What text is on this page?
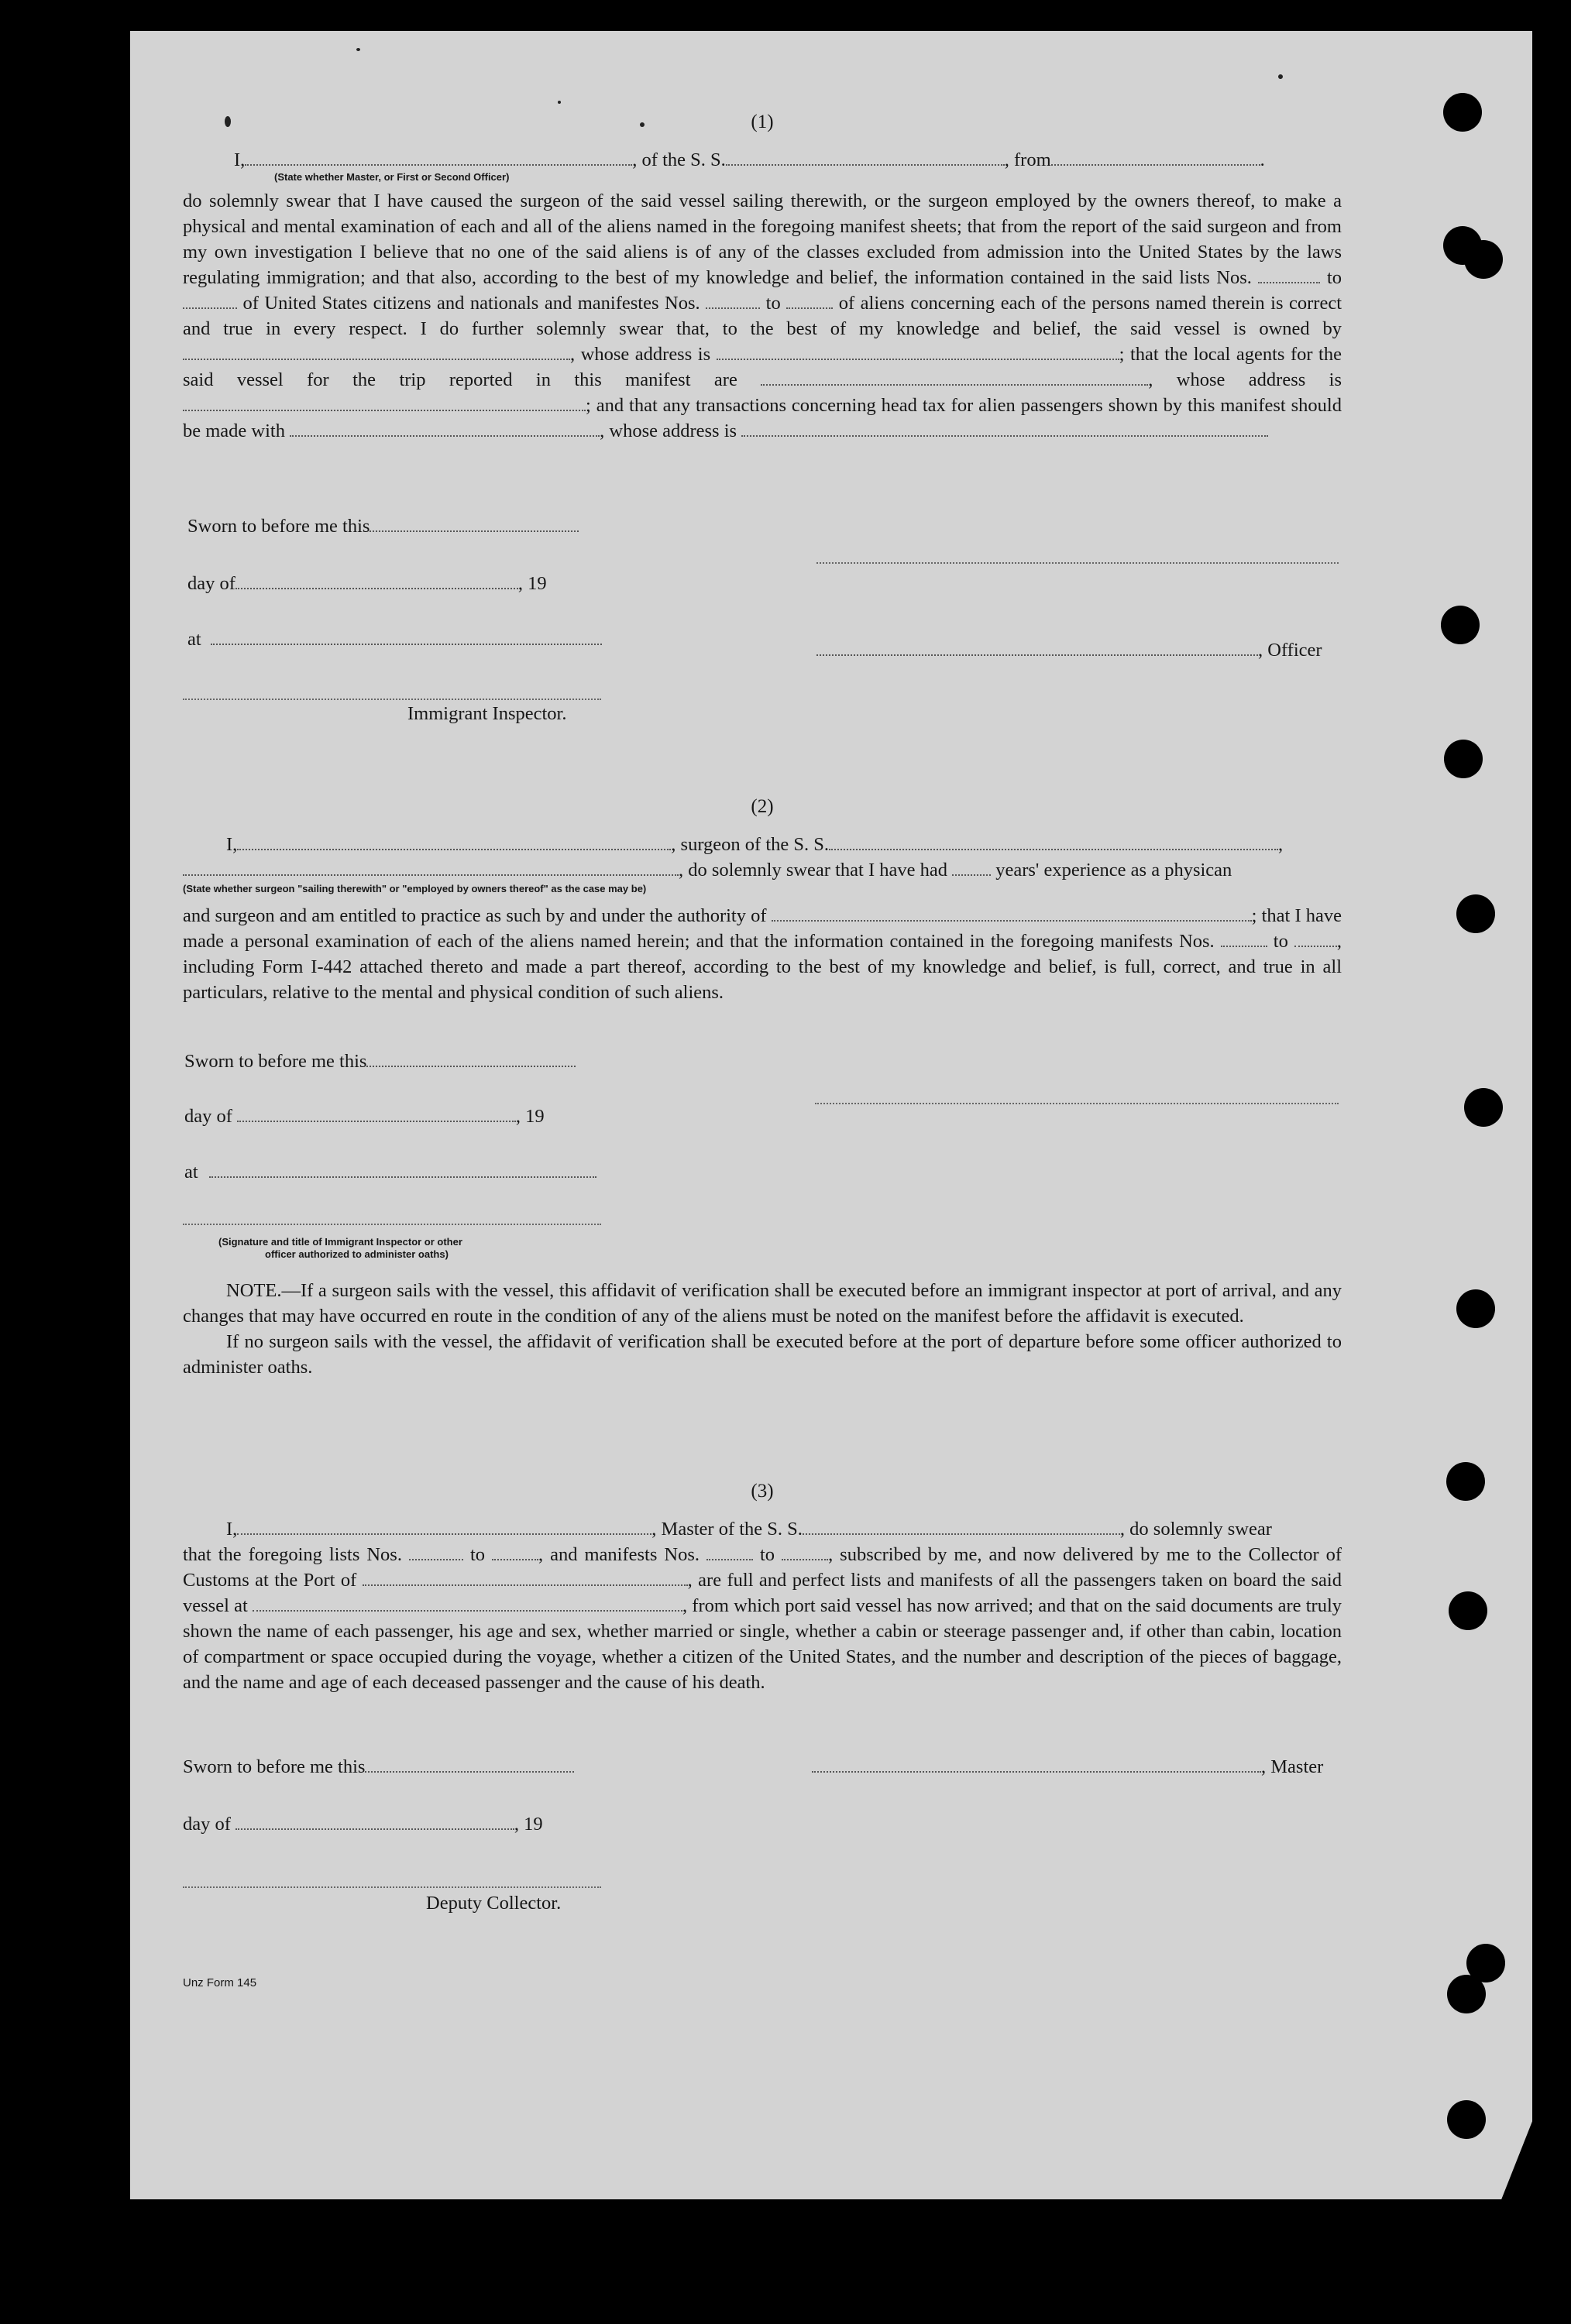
(1)

I,	, of the S. S.	, from	.

(State whether Master, or First or Second Officer)

do solemnly swear that I have caused the surgeon of the said vessel sailing therewith, or the surgeon employed by the owners thereof, to make a physical and mental examination of each and all of the aliens named in the foregoing manifest sheets; that from the report of the said surgeon and from my own investigation I believe that no one of the said aliens is of any of the classes excluded from admission into the United States by the laws regulating immigration; and that also, according to the best of my knowledge and belief, the information contained in the said lists Nos.	to  of United States citizens and nationals and manifestes Nos.	to	of aliens concerning each of the persons named therein is correct and true in every respect. I do further solemnly swear that, to the best of my knowledge and belief, the said vessel is owned by , whose address is	; that the local agents for the said vessel for the trip reported in this manifest are	, whose address is ; and that any transactions concerning head tax for alien passengers shown by this manifest should be made with	, whose address is

Sworn to before me this
day of	, 19
at
, Officer
Immigrant Inspector.
(2)

I,	, surgeon of the S. S.	,

, do solemnly swear that I have had	years' experience as a physican

(State whether surgeon "sailing therewith" or "employed by owners thereof" as the case may be)

and surgeon and am entitled to practice as such by and under the authority of	; that I have made a personal examination of each of the aliens named herein; and that the information contained in the foregoing manifests Nos.	to	, including Form I-442 attached thereto and made a part thereof, according to the best of my knowledge and belief, is full, correct, and true in all particulars, relative to the mental and physical condition of such aliens.

Sworn to before me this
day of	, 19
at

(Signature and title of Immigrant Inspector or other
officer authorized to administer oaths)

NOTE.—If a surgeon sails with the vessel, this affidavit of verification shall be executed before an immigrant inspector at port of arrival, and any changes that may have occurred en route in the condition of any of the aliens must be noted on the manifest before the affidavit is executed.

If no surgeon sails with the vessel, the affidavit of verification shall be executed before at the port of departure before some officer authorized to administer oaths.

(3)

I,	, Master of the S. S.	, do solemnly swear

that the foregoing lists Nos.	to	, and manifests Nos.	to	, subscribed by me, and now delivered by me to the Collector of Customs at the Port of	, are full and perfect lists and manifests of all the passengers taken on board the said vessel at	, from which port said vessel has now arrived; and that on the said documents are truly shown the name of each passenger, his age and sex, whether married or single, whether a cabin or steerage passenger and, if other than cabin, location of compartment or space occupied during the voyage, whether a citizen of the United States, and the number and description of the pieces of baggage, and the name and age of each deceased passenger and the cause of his death.

Sworn to before me this	, Master
day of	, 19
Deputy Collector.
Unz Form 145
